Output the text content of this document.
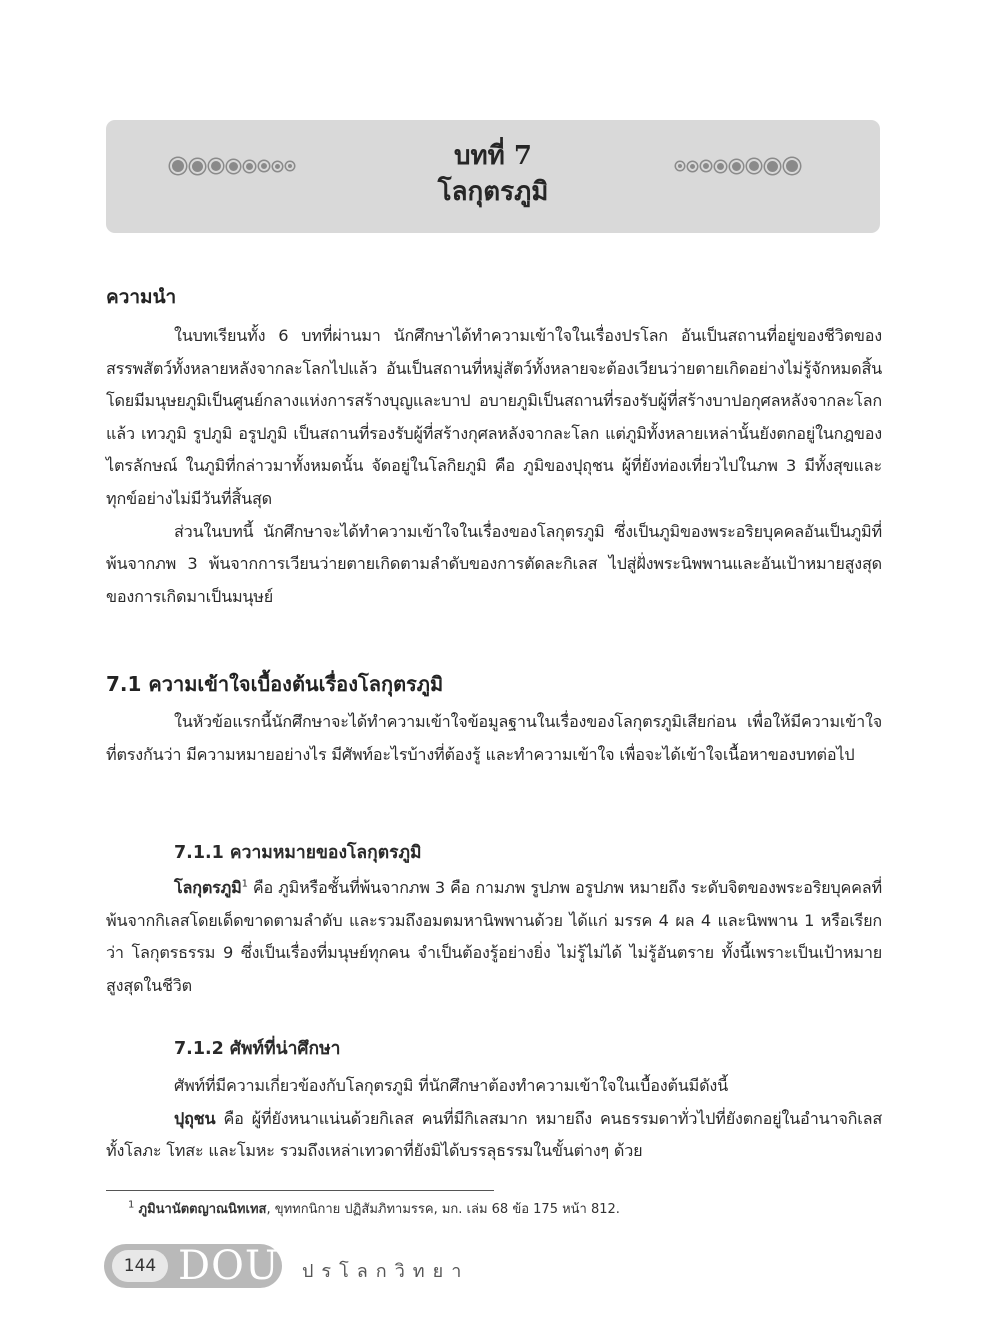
บทที่ 7
โลกุตรภูมิ
ความนำ

ในบทเรียนทั้ง 6 บทที่ผ่านมา นักศึกษาได้ทำความเข้าใจในเรื่องปรโลก อันเป็นสถานที่อยู่ของชีวิตของสรรพสัตว์ทั้งหลายหลังจากละโลกไปแล้ว อันเป็นสถานที่หมู่สัตว์ทั้งหลายจะต้องเวียนว่ายตายเกิดอย่างไม่รู้จักหมดสิ้น โดยมีมนุษยภูมิเป็นศูนย์กลางแห่งการสร้างบุญและบาป อบายภูมิเป็นสถานที่รองรับผู้ที่สร้างบาปอกุศลหลังจากละโลกแล้ว เทวภูมิ รูปภูมิ อรูปภูมิ เป็นสถานที่รองรับผู้ที่สร้างกุศลหลังจากละโลก แต่ภูมิทั้งหลายเหล่านั้นยังตกอยู่ในกฎของไตรลักษณ์ ในภูมิที่กล่าวมาทั้งหมดนั้น จัดอยู่ในโลกิยภูมิ คือ ภูมิของปุถุชน ผู้ที่ยังท่องเที่ยวไปในภพ 3 มีทั้งสุขและทุกข์อย่างไม่มีวันที่สิ้นสุด

ส่วนในบทนี้ นักศึกษาจะได้ทำความเข้าใจในเรื่องของโลกุตรภูมิ ซึ่งเป็นภูมิของพระอริยบุคคลอันเป็นภูมิที่พ้นจากภพ 3 พ้นจากการเวียนว่ายตายเกิดตามลำดับของการตัดละกิเลส ไปสู่ฝั่งพระนิพพานและอันเป้าหมายสูงสุดของการเกิดมาเป็นมนุษย์

7.1 ความเข้าใจเบื้องต้นเรื่องโลกุตรภูมิ

ในหัวข้อแรกนี้นักศึกษาจะได้ทำความเข้าใจข้อมูลฐานในเรื่องของโลกุตรภูมิเสียก่อน เพื่อให้มีความเข้าใจที่ตรงกันว่า มีความหมายอย่างไร มีศัพท์อะไรบ้างที่ต้องรู้ และทำความเข้าใจ เพื่อจะได้เข้าใจเนื้อหาของบทต่อไป

7.1.1 ความหมายของโลกุตรภูมิ

โลกุตรภูมิ$^1$ คือ ภูมิหรือชั้นที่พ้นจากภพ 3 คือ กามภพ รูปภพ อรูปภพ หมายถึง ระดับจิตของพระอริยบุคคลที่พ้นจากกิเลสโดยเด็ดขาดตามลำดับ และรวมถึงอมตมหานิพพานด้วย ได้แก่ มรรค 4 ผล 4 และนิพพาน 1 หรือเรียกว่า โลกุตรธรรม 9 ซึ่งเป็นเรื่องที่มนุษย์ทุกคน จำเป็นต้องรู้อย่างยิ่ง ไม่รู้ไม่ได้ ไม่รู้อันตราย ทั้งนี้เพราะเป็นเป้าหมายสูงสุดในชีวิต

7.1.2 ศัพท์ที่น่าศึกษา

ศัพท์ที่มีความเกี่ยวข้องกับโลกุตรภูมิ ที่นักศึกษาต้องทำความเข้าใจในเบื้องต้นมีดังนี้

ปุถุชน คือ ผู้ที่ยังหนาแน่นด้วยกิเลส คนที่มีกิเลสมาก หมายถึง คนธรรมดาทั่วไปที่ยังตกอยู่ในอำนาจกิเลส ทั้งโลภะ โทสะ และโมหะ รวมถึงเหล่าเทวดาที่ยังมิได้บรรลุธรรมในขั้นต่างๆ ด้วย

$^1$ ภูมินานัตตญาณนิทเทส, ขุททกนิกาย ปฏิสัมภิทามรรค, มก. เล่ม 68 ข้อ 175 หน้า 812.
144 DOU ปรโลกวิทยา
